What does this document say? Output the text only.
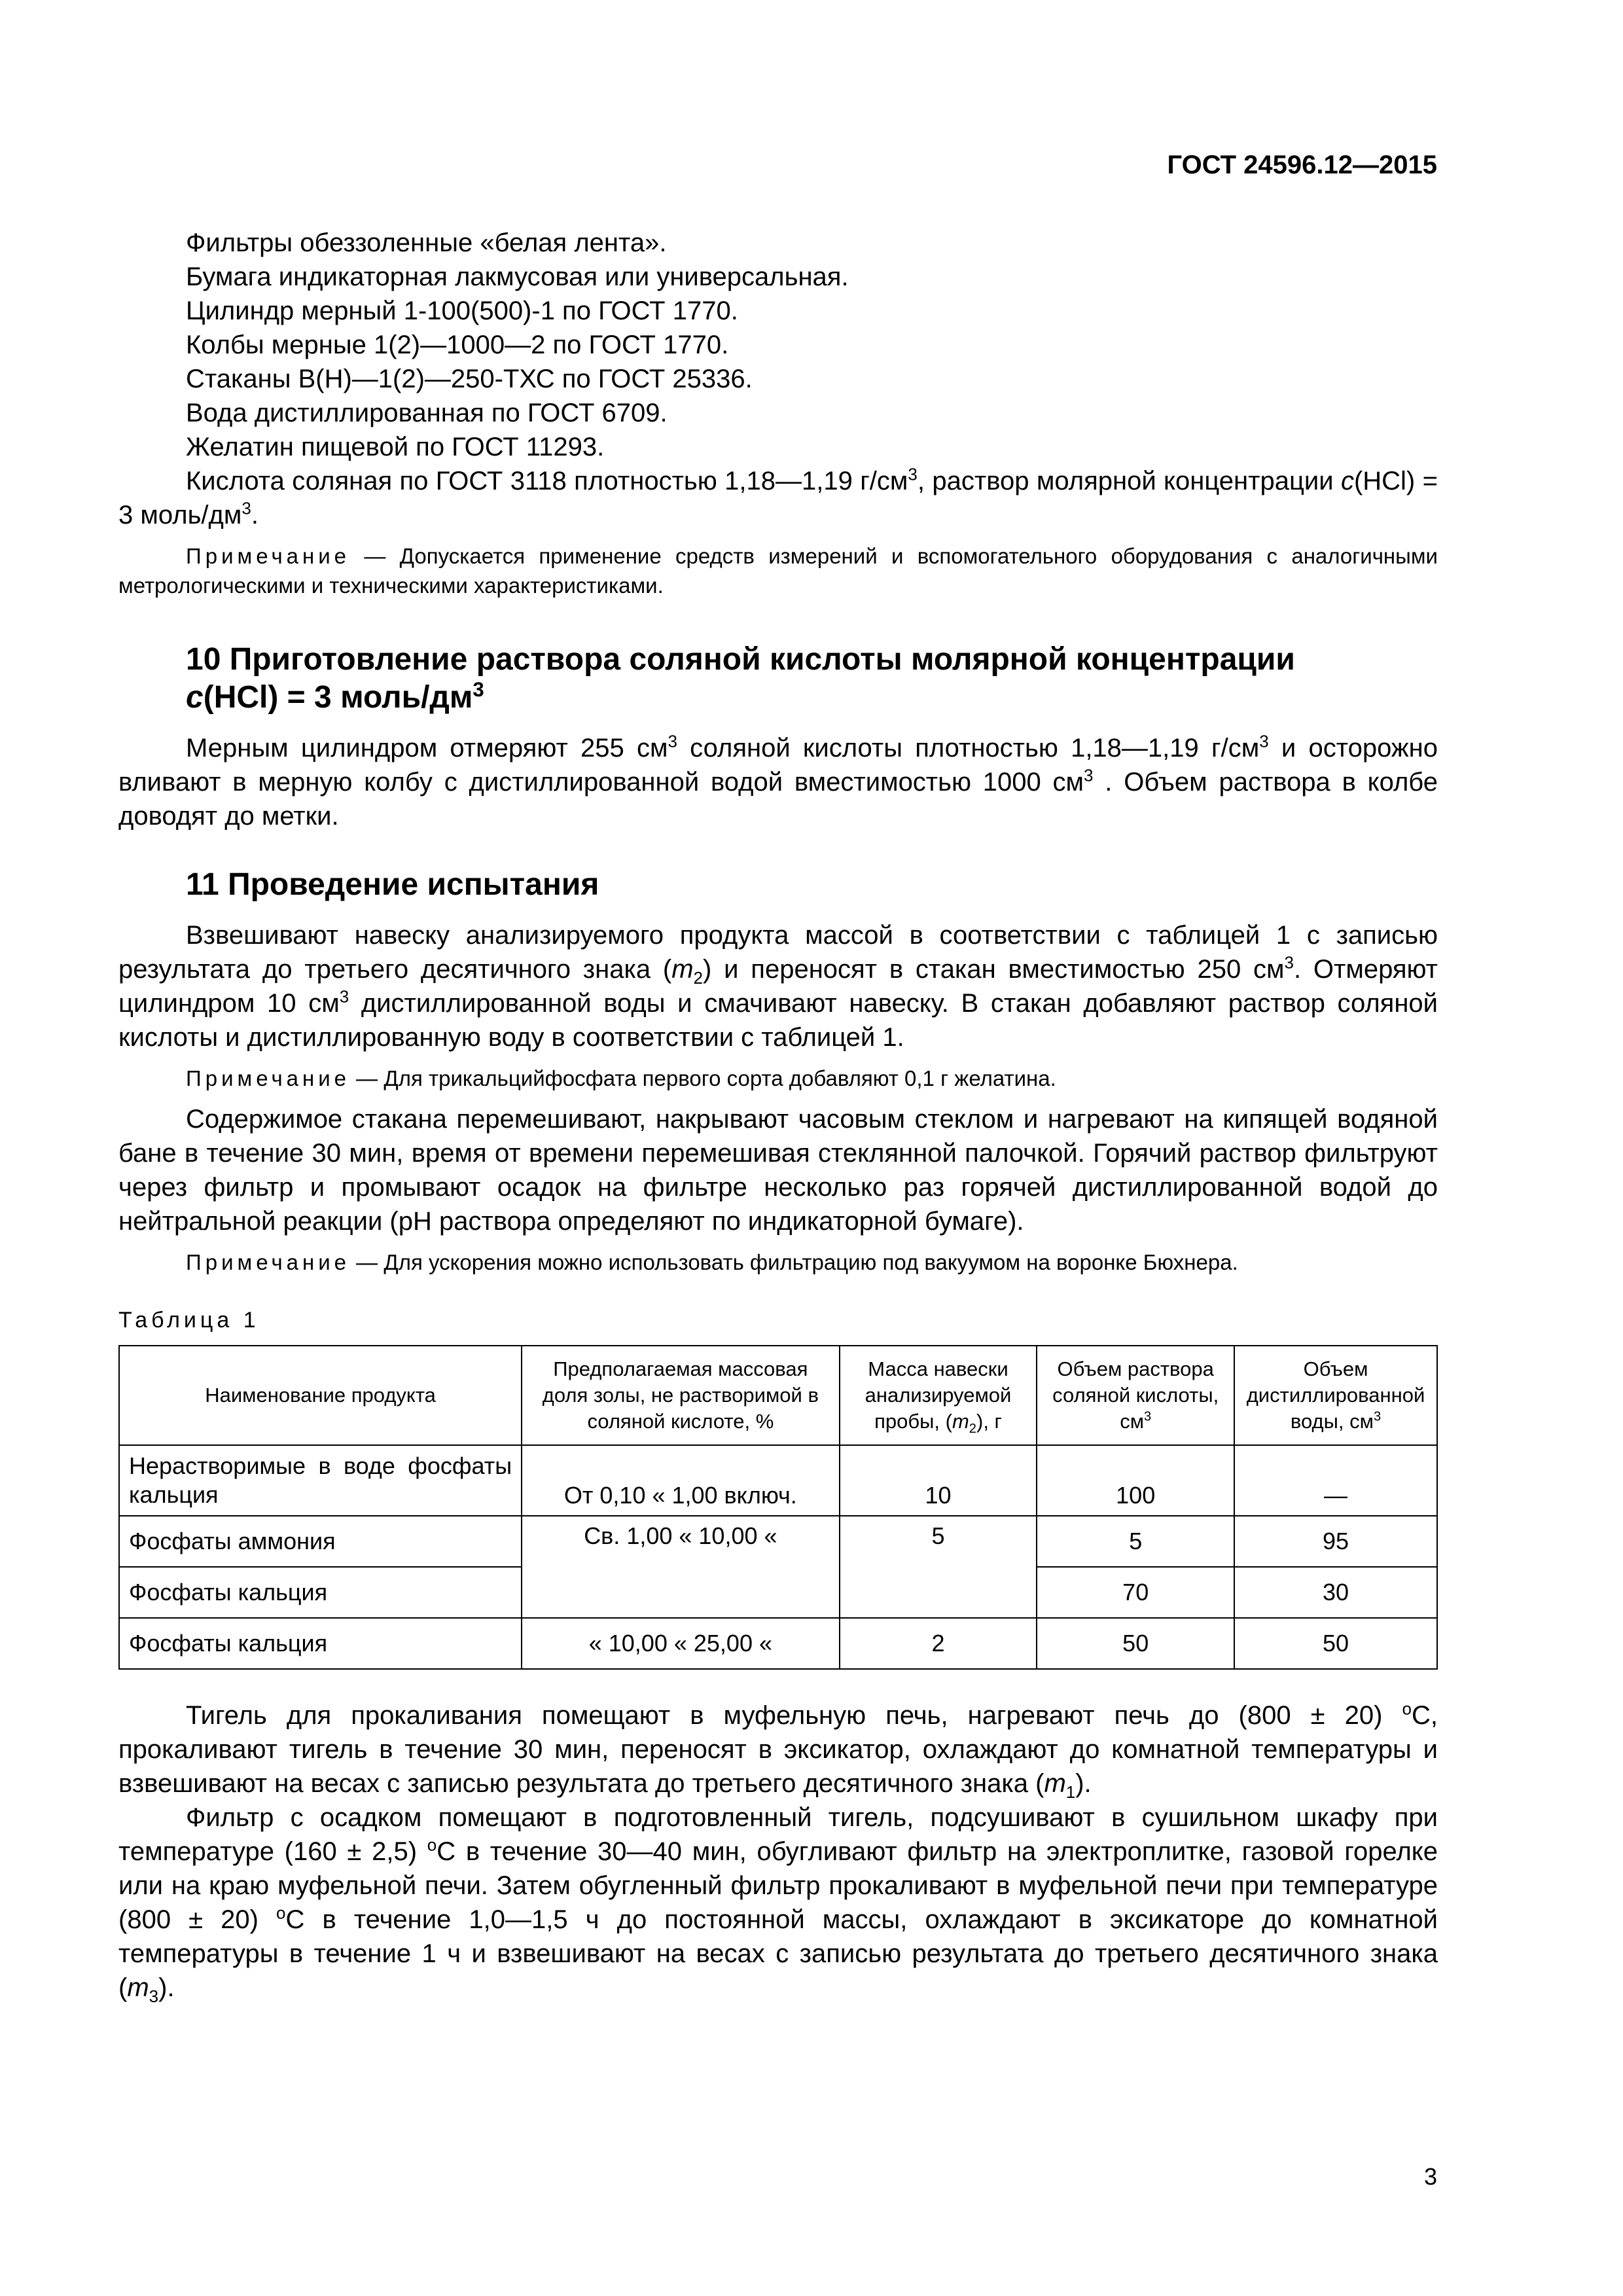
ГОСТ 24596.12—2015

Фильтры обеззоленные «белая лента».

Бумага индикаторная лакмусовая или универсальная.

Цилиндр мерный 1-100(500)-1 по ГОСТ 1770.

Колбы мерные 1(2)—1000—2 по ГОСТ 1770.

Стаканы В(Н)—1(2)—250-ТХС по ГОСТ 25336.

Вода дистиллированная по ГОСТ 6709.

Желатин пищевой по ГОСТ 11293.

Кислота соляная по ГОСТ 3118 плотностью 1,18—1,19 $г/см^3$, раствор молярной концентрации c(HCl) = 3 моль/$дм^3$.

Примечание — Допускается применение средств измерений и вспомогательного оборудования с аналогичными метрологическими и техническими характеристиками.

10 Приготовление раствора соляной кислоты молярной концентрации
c(HCl) = 3 моль/$дм^3$

Мерным цилиндром отмеряют 255 $см^3$ соляной кислоты плотностью 1,18—1,19 $г/см^3$ и осторожно вливают в мерную колбу с дистиллированной водой вместимостью 1000 $см^3$ . Объем раствора в колбе доводят до метки.

11 Проведение испытания

Взвешивают навеску анализируемого продукта массой в соответствии с таблицей 1 с записью результата до третьего десятичного знака $(m_2)$ и переносят в стакан вместимостью 250 $см^3$. Отмеряют цилиндром 10 $см^3$ дистиллированной воды и смачивают навеску. В стакан добавляют раствор соляной кислоты и дистиллированную воду в соответствии с таблицей 1.

Примечание — Для трикальцийфосфата первого сорта добавляют 0,1 г желатина.

Содержимое стакана перемешивают, накрывают часовым стеклом и нагревают на кипящей водяной бане в течение 30 мин, время от времени перемешивая стеклянной палочкой. Горячий раствор фильтруют через фильтр и промывают осадок на фильтре несколько раз горячей дистиллированной водой до нейтральной реакции (pH раствора определяют по индикаторной бумаге).

Примечание — Для ускорения можно использовать фильтрацию под вакуумом на воронке Бюхнера.

Таблица 1
Наименование продукта	Предполагаемая массовая доля золы, не растворимой в соляной кислоте, %	Масса навески анализируемой пробы, $(m_2)$, г	Объем раствора соляной кислоты, $см^3$	Объем дистиллированной воды, $см^3$
Нерастворимые в воде фосфаты кальция	От 0,10 « 1,00 включ.	10	100	—
Фосфаты аммония	Св. 1,00 « 10,00 «	5	5	95
Фосфаты кальция			70	30
Фосфаты кальция	« 10,00 « 25,00 «	2	50	50

Тигель для прокаливания помещают в муфельную печь, нагревают печь до (800 ± 20) $^o$С, прокаливают тигель в течение 30 мин, переносят в эксикатор, охлаждают до комнатной температуры и взвешивают на весах с записью результата до третьего десятичного знака $(m_1)$.

Фильтр с осадком помещают в подготовленный тигель, подсушивают в сушильном шкафу при температуре (160 ± 2,5) $^o$С в течение 30—40 мин, обугливают фильтр на электроплитке, газовой горелке или на краю муфельной печи. Затем обугленный фильтр прокаливают в муфельной печи при температуре (800 ± 20) $^o$С в течение 1,0—1,5 ч до постоянной массы, охлаждают в эксикаторе до комнатной температуры в течение 1 ч и взвешивают на весах с записью результата до третьего десятичного знака $(m_3)$.

3
